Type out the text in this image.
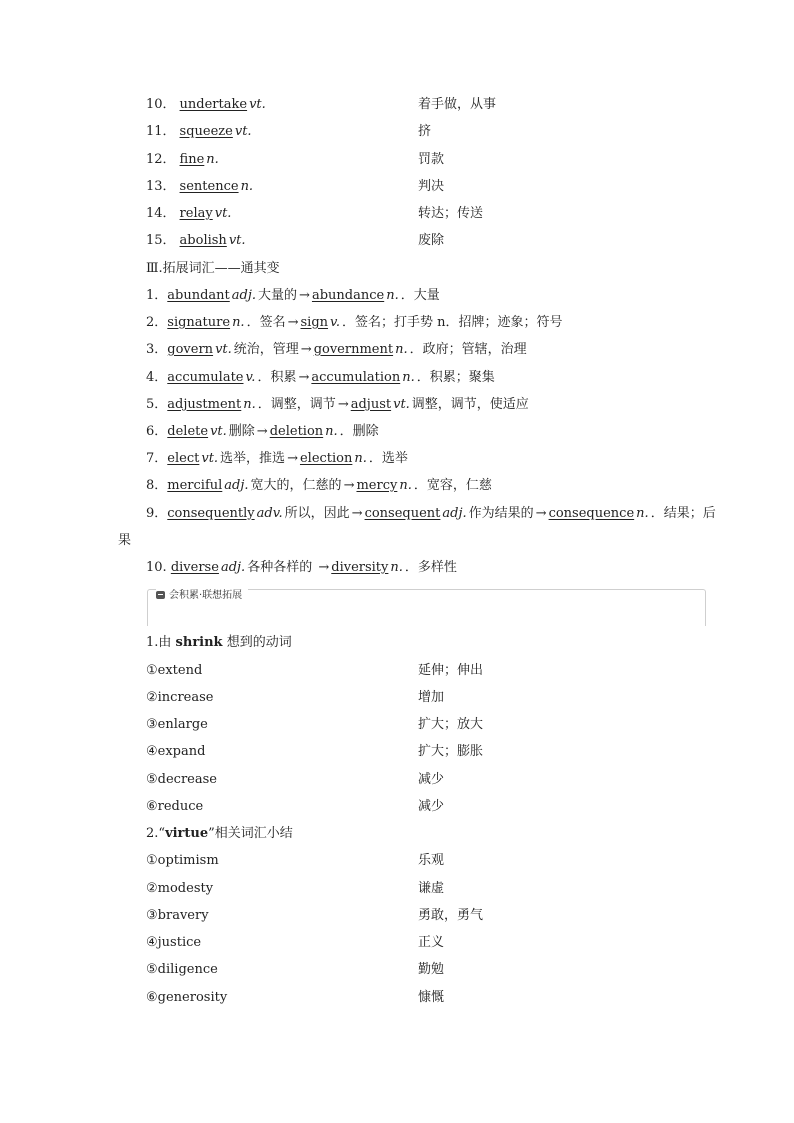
10． undertake vt.	着手做，从事
11． squeeze vt.	挤
12． fine n.	罚款
13． sentence n.	判决
14． relay vt.	转达；传送
15． abolish vt.	废除
Ⅲ.拓展词汇——通其变
1．abundant adj. 大量的 → abundance n. ．大量
2．signature n. ．签名 → sign v. ．签名；打手势 n．招牌；迹象；符号
3．govern vt. 统治，管理 → government n. ．政府；管辖，治理
4．accumulate v. ．积累 → accumulation n. ．积累；聚集
5．adjustment n. ．调整，调节 → adjust vt. 调整，调节，使适应
6．delete vt. 删除 → deletion n. ．删除
7．elect vt. 选举，推选 → election n. ．选举
8．merciful adj. 宽大的，仁慈的 → mercy n. ．宽容，仁慈
9．consequently adv. 所以，因此 → consequent adj. 作为结果的 → consequence n. ．结果；后
果
10. diverse adj. 各种各样的 → diversity n. ．多样性
会积累·联想拓展
1.由 shrink 想到的动词
①extend	延伸；伸出
②increase	增加
③enlarge	扩大；放大
④expand	扩大；膨胀
⑤decrease	减少
⑥reduce	减少
2.“virtue”相关词汇小结
①optimism	乐观
②modesty	谦虚
③bravery	勇敢，勇气
④justice	正义
⑤diligence	勤勉
⑥generosity	慷慨
